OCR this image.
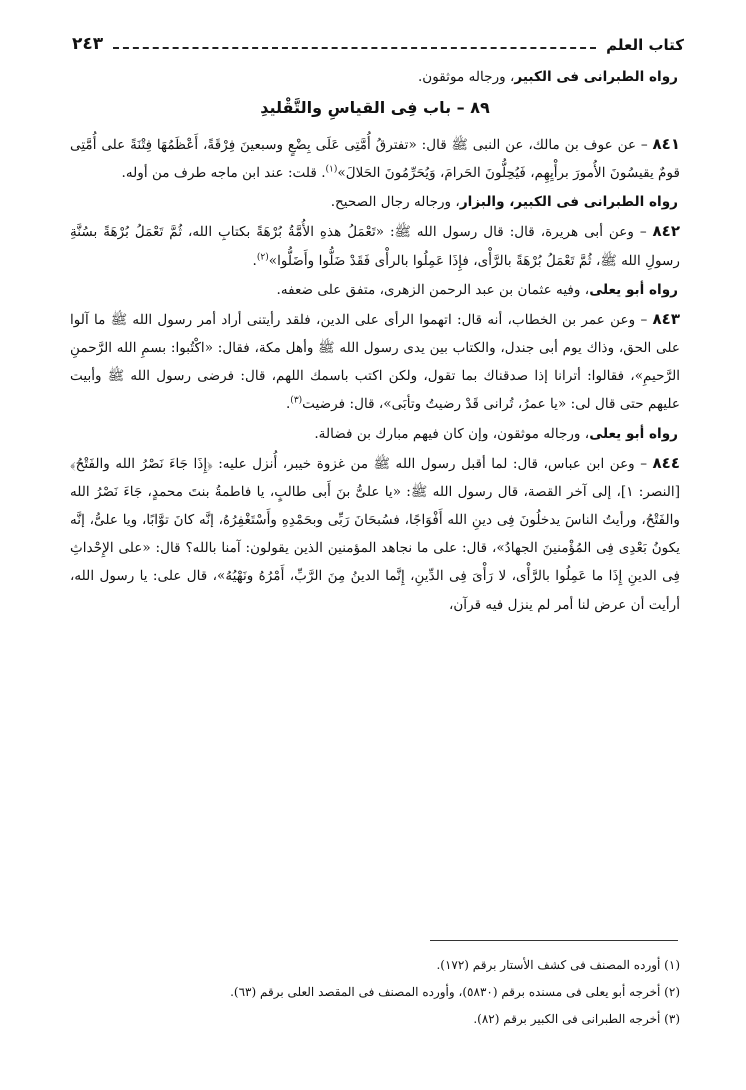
كتاب العلم
٢٤٣

رواه الطبرانى فى الكبير، ورجاله موثقون.

٨٩ – باب فِى القياسِ والتَّقْليدِ

٨٤١ – عن عوف بن مالك، عن النبى ﷺ قال: «تفترقُ أُمَّتِى عَلَى بِضْعٍ وسبعينَ فِرْقَةً، أَعْظَمُهَا فِتْنَةً على أُمَّتِى قومٌ يقيسُونَ الأُمورَ برأْيِهِم، فَيُحِلُّونَ الحَرامَ، وَيُحَرِّمُونَ الحَلالَ»$^{(١)}$. قلت: عند ابن ماجه طرف من أوله.

رواه الطبرانى فى الكبير، والبزار، ورجاله رجال الصحيح.

٨٤٢ – وعن أبى هريرة، قال: قال رسول الله ﷺ: «تَعْمَلُ هذهِ الأُمَّةُ بُرْهَةً بكتابِ الله، ثُمَّ تَعْمَلُ بُرْهَةً بسُنَّةِ رسولِ الله ﷺ، ثُمَّ تَعْمَلُ بُرْهَةً بالرَّأْى، فإِذَا عَمِلُوا بالرأْى فَقَدْ ضَلُّوا وأَضَلُّوا»$^{(٢)}$.

رواه أبو يعلى، وفيه عثمان بن عبد الرحمن الزهرى، متفق على ضعفه.

٨٤٣ – وعن عمر بن الخطاب، أنه قال: اتهموا الرأى على الدين، فلقد رأيتنى أراد أمر رسول الله ﷺ ما آلوا على الحق، وذاك يوم أبى جندل، والكتاب بين يدى رسول الله ﷺ وأهل مكة، فقال: «اكْتُبوا: بسمِ الله الرَّحمنِ الرَّحيمِ»، فقالوا: أترانا إذا صدقناك بما تقول، ولكن اكتب باسمك اللهم، قال: فرضى رسول الله ﷺ وأبيت عليهم حتى قال لى: «يا عمرُ، تُرانى قَدْ رضيتُ وتأبَى»، قال: فرضيت$^{(٣)}$.

رواه أبو يعلى، ورجاله موثقون، وإن كان فيهم مبارك بن فضالة.

٨٤٤ – وعن ابن عباس، قال: لما أقبل رسول الله ﷺ من غزوة خيبر، أُنزل عليه: ﴿إِذَا جَاءَ نَصْرُ الله والفَتْحُ﴾ [النصر: ١]، إلى آخر القصة، قال رسول الله ﷺ: «يا علىُّ بنَ أَبى طالبٍ، يا فاطمةُ بنتَ محمدٍ، جَاءَ نَصْرُ الله والفَتْحُ، ورأيتُ الناسَ يدخلُونَ فِى دينِ الله أَفْوَاجًا، فسُبحَانَ رَبِّى وبحَمْدِهِ وأَسْتَغْفِرُهُ، إنَّه كانَ توَّابًا، ويا علىُّ، إنَّه يكونُ بَعْدِى فِى المُؤْمنينَ الجهادُ»، قال: على ما نجاهد المؤمنين الذين يقولون: آمنا بالله؟ قال: «على الإِحْداثِ فِى الدينِ إِذَا ما عَمِلُوا بالرَّأْى، لا رَأْىَ فِى الدِّينِ، إِنَّما الدينُ مِنَ الرَّبِّ، أَمْرُهُ ونَهْيُهُ»، قال على: يا رسول الله، أرأيت أن عرض لنا أمر لم ينزل فيه قرآن،

(١) أورده المصنف فى كشف الأستار برقم (١٧٢).
(٢) أخرجه أبو يعلى فى مسنده برقم (٥٨٣٠)، وأورده المصنف فى المقصد العلى برقم (٦٣).
(٣) أخرجه الطبرانى فى الكبير برقم (٨٢).
